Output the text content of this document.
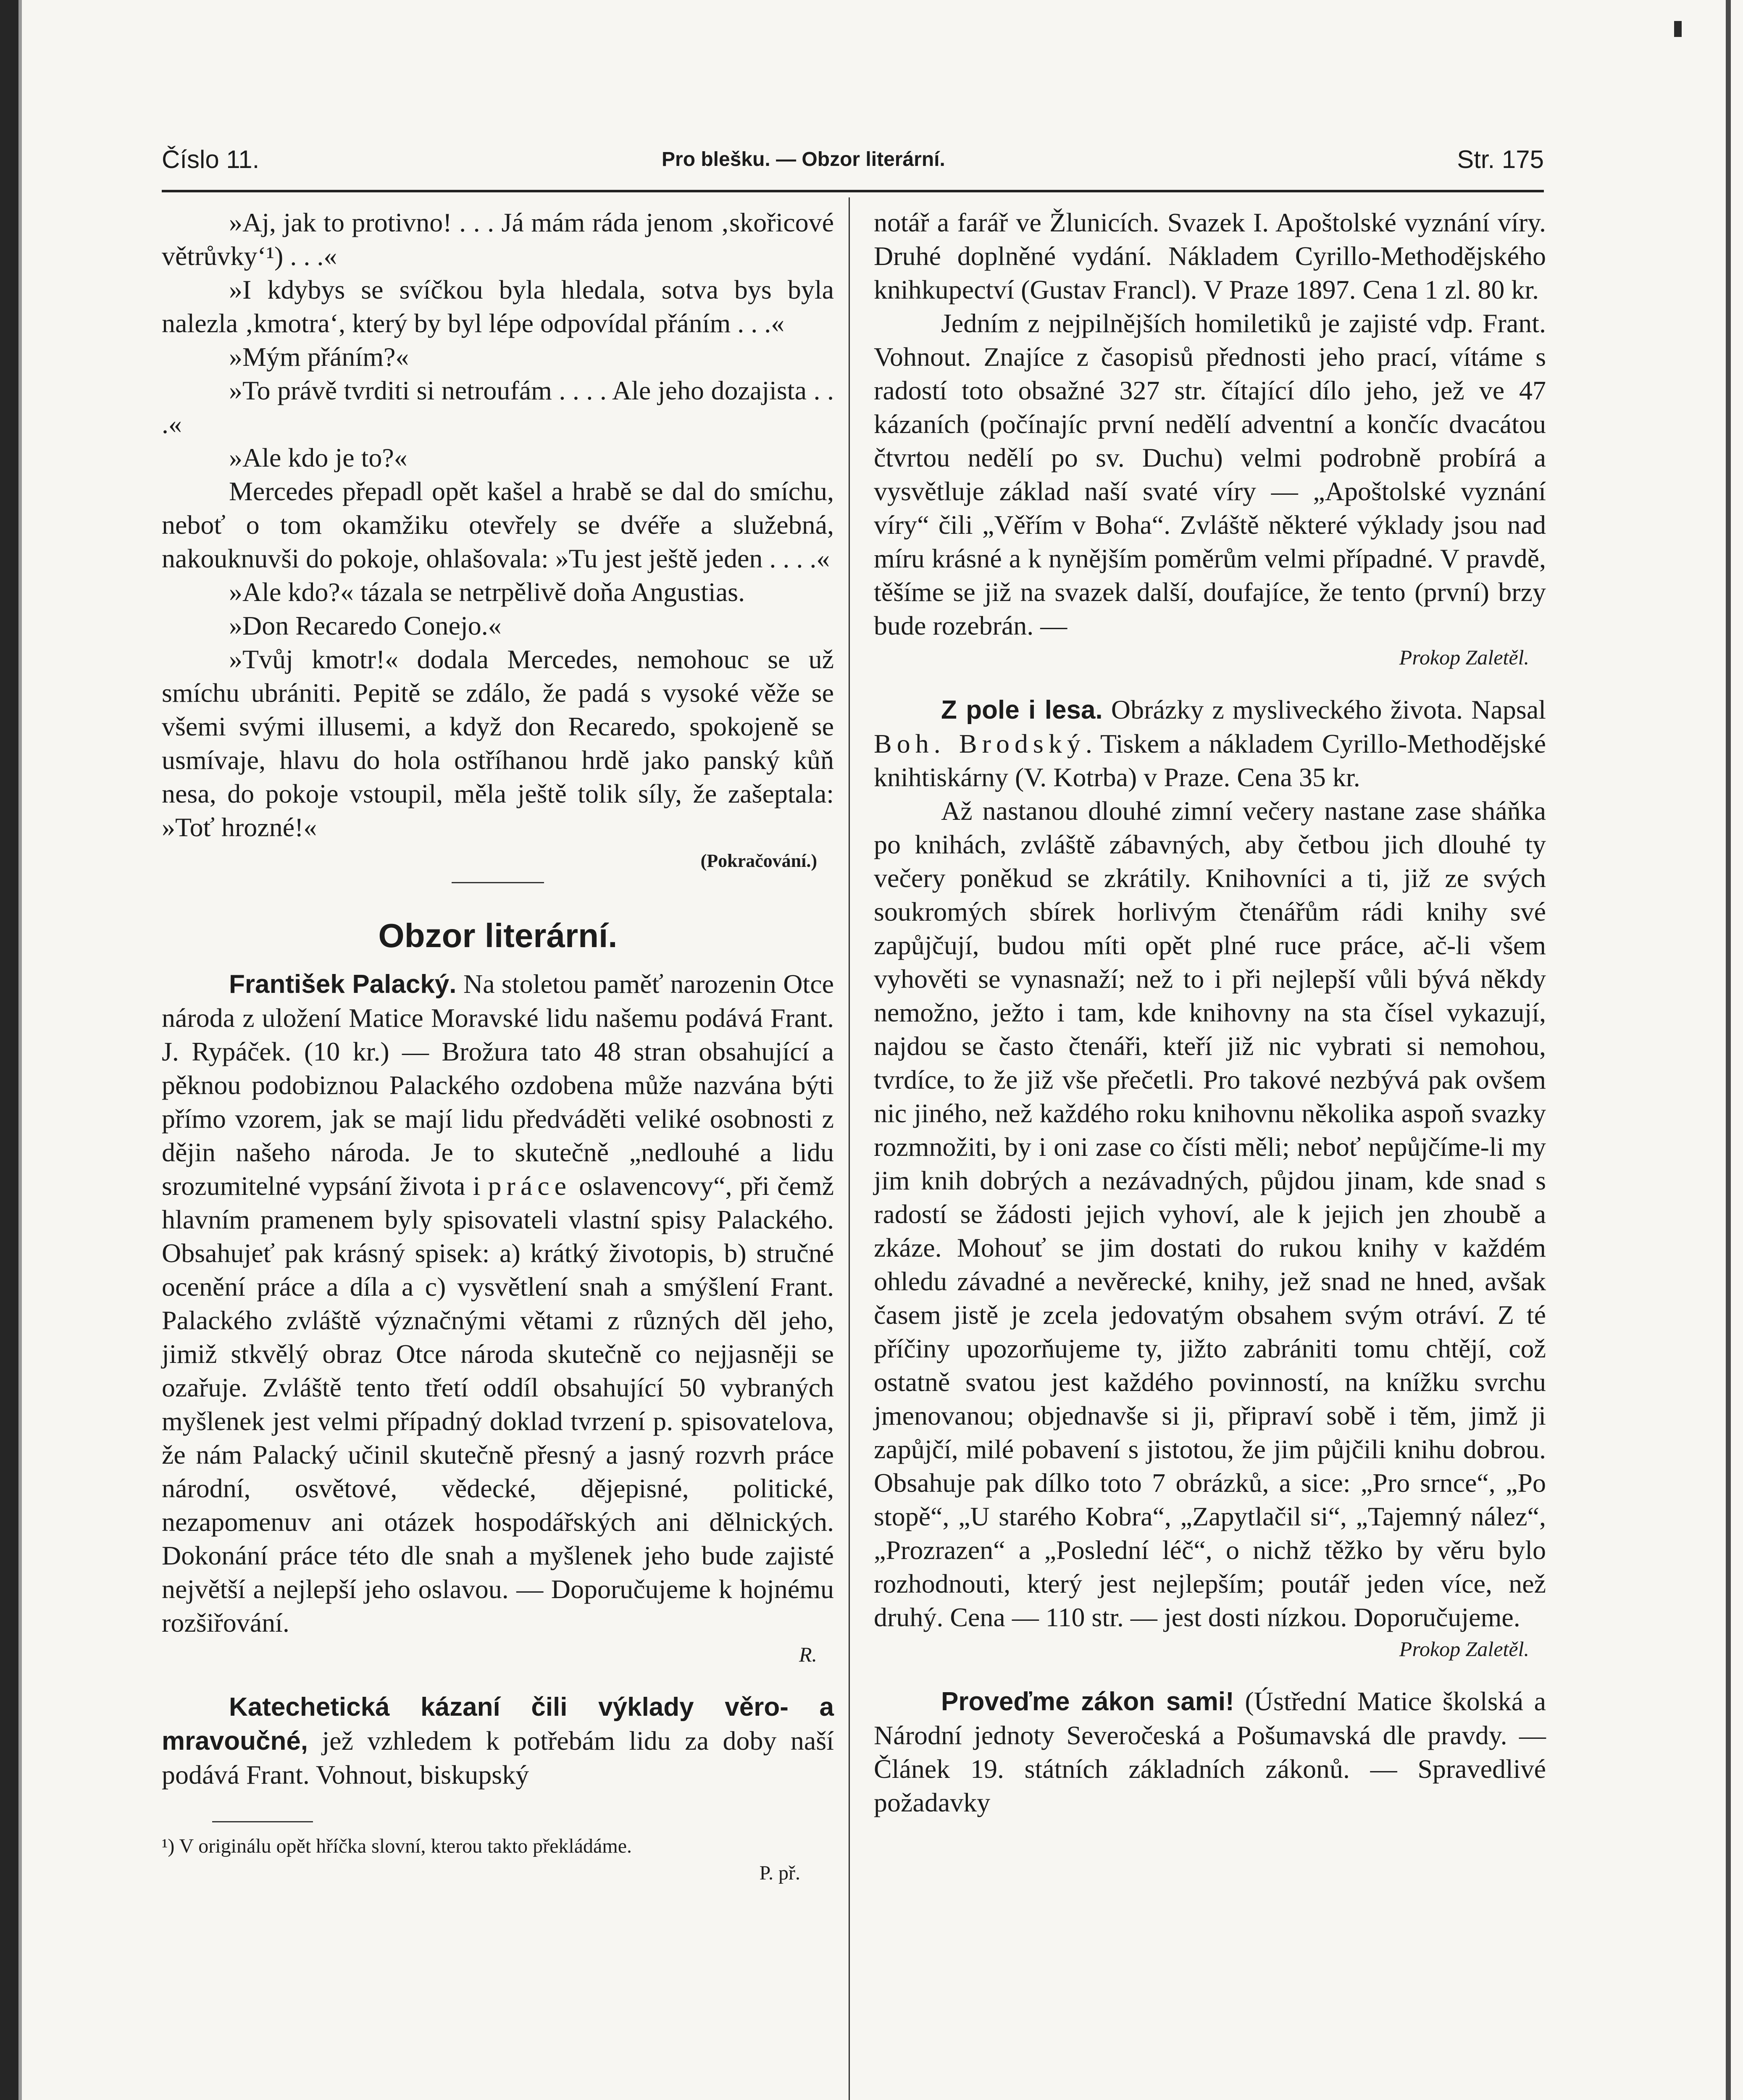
Číslo 11.	Pro blešku. — Obzor literární.	Str. 175

»Aj, jak to protivno! . . . Já mám ráda jenom ‚skořicové větrůvky‘¹) . . .«

»I kdybys se svíčkou byla hledala, sotva bys byla nalezla ‚kmotra‘, který by byl lépe odpovídal přáním . . .«

»Mým přáním?«

»To právě tvrditi si netroufám . . . . Ale jeho dozajista . . .«

»Ale kdo je to?«

Mercedes přepadl opět kašel a hrabě se dal do smíchu, neboť o tom okamžiku otevřely se dvéře a služebná, nakouknuvši do pokoje, ohlašovala: »Tu jest ještě jeden . . . .«

»Ale kdo?« tázala se netrpělivě doňa Angustias.

»Don Recaredo Conejo.«

»Tvůj kmotr!« dodala Mercedes, nemohouc se už smíchu ubrániti. Pepitě se zdálo, že padá s vysoké věže se všemi svými illusemi, a když don Recaredo, spokojeně se usmívaje, hlavu do hola ostříhanou hrdě jako panský kůň nesa, do pokoje vstoupil, měla ještě tolik síly, že zašeptala: »Toť hrozné!«

(Pokračování.)

Obzor literární.

František Palacký. Na stoletou paměť narozenin Otce národa z uložení Matice Moravské lidu našemu podává Frant. J. Rypáček. (10 kr.) — Brožura tato 48 stran obsahující a pěknou podobiznou Palackého ozdobena může nazvána býti přímo vzorem, jak se mají lidu předváděti veliké osobnosti z dějin našeho národa. Je to skutečně „nedlouhé a lidu srozumitelné vypsání života i práce oslavencovy“, při čemž hlavním pramenem byly spisovateli vlastní spisy Palackého. Obsahujeť pak krásný spisek: a) krátký životopis, b) stručné ocenění práce a díla a c) vysvětlení snah a smýšlení Frant. Palackého zvláště význačnými větami z různých děl jeho, jimiž stkvělý obraz Otce národa skutečně co nejjasněji se ozařuje. Zvláště tento třetí oddíl obsahující 50 vybraných myšlenek jest velmi případný doklad tvrzení p. spisovatelova, že nám Palacký učinil skutečně přesný a jasný rozvrh práce národní, osvětové, vědecké, dějepisné, politické, nezapomenuv ani otázek hospodářských ani dělnických. Dokonání práce této dle snah a myšlenek jeho bude zajisté největší a nejlepší jeho oslavou. — Doporučujeme k hojnému rozšiřování.

R.

Katechetická kázaní čili výklady věro- a mravoučné, jež vzhledem k potřebám lidu za doby naší podává Frant. Vohnout, biskupský

¹) V originálu opět hříčka slovní, kterou takto překládáme.
P. př.

notář a farář ve Žlunicích. Svazek I. Apoštolské vyznání víry. Druhé doplněné vydání. Nákladem Cyrillo-Methodějského knihkupectví (Gustav Francl). V Praze 1897. Cena 1 zl. 80 kr.

Jedním z nejpilnějších homiletiků je zajisté vdp. Frant. Vohnout. Znajíce z časopisů přednosti jeho prací, vítáme s radostí toto obsažné 327 str. čítající dílo jeho, jež ve 47 kázaních (počínajíc první nedělí adventní a končíc dvacátou čtvrtou nedělí po sv. Duchu) velmi podrobně probírá a vysvětluje základ naší svaté víry — „Apoštolské vyznání víry“ čili „Věřím v Boha“. Zvláště některé výklady jsou nad míru krásné a k nynějším poměrům velmi případné. V pravdě, těšíme se již na svazek další, doufajíce, že tento (první) brzy bude rozebrán. —

Prokop Zaletěl.

Z pole i lesa. Obrázky z mysliveckého života. Napsal Boh. Brodský. Tiskem a nákladem Cyrillo-Methodějské knihtiskárny (V. Kotrba) v Praze. Cena 35 kr.

Až nastanou dlouhé zimní večery nastane zase sháňka po knihách, zvláště zábavných, aby četbou jich dlouhé ty večery poněkud se zkrátily. Knihovníci a ti, již ze svých soukromých sbírek horlivým čtenářům rádi knihy své zapůjčují, budou míti opět plné ruce práce, ač-li všem vyhověti se vynasnaží; než to i při nejlepší vůli bývá někdy nemožno, ježto i tam, kde knihovny na sta čísel vykazují, najdou se často čtenáři, kteří již nic vybrati si nemohou, tvrdíce, to že již vše přečetli. Pro takové nezbývá pak ovšem nic jiného, než každého roku knihovnu několika aspoň svazky rozmnožiti, by i oni zase co čísti měli; neboť nepůjčíme-li my jim knih dobrých a nezávadných, půjdou jinam, kde snad s radostí se žádosti jejich vyhoví, ale k jejich jen zhoubě a zkáze. Mohouť se jim dostati do rukou knihy v každém ohledu závadné a nevěrecké, knihy, jež snad ne hned, avšak časem jistě je zcela jedovatým obsahem svým otráví. Z té příčiny upozorňujeme ty, jižto zabrániti tomu chtějí, což ostatně svatou jest každého povinností, na knížku svrchu jmenovanou; objednavše si ji, připraví sobě i těm, jimž ji zapůjčí, milé pobavení s jistotou, že jim půjčili knihu dobrou. Obsahuje pak dílko toto 7 obrázků, a sice: „Pro srnce“, „Po stopě“, „U starého Kobra“, „Zapytlačil si“, „Tajemný nález“, „Prozrazen“ a „Poslední léč“, o nichž těžko by věru bylo rozhodnouti, který jest nejlepším; poutář jeden více, než druhý. Cena — 110 str. — jest dosti nízkou. Doporučujeme.

Prokop Zaletěl.

Proveďme zákon sami! (Ústřední Matice školská a Národní jednoty Severočeská a Pošumavská dle pravdy. — Článek 19. státních základních zákonů. — Spravedlivé požadavky
